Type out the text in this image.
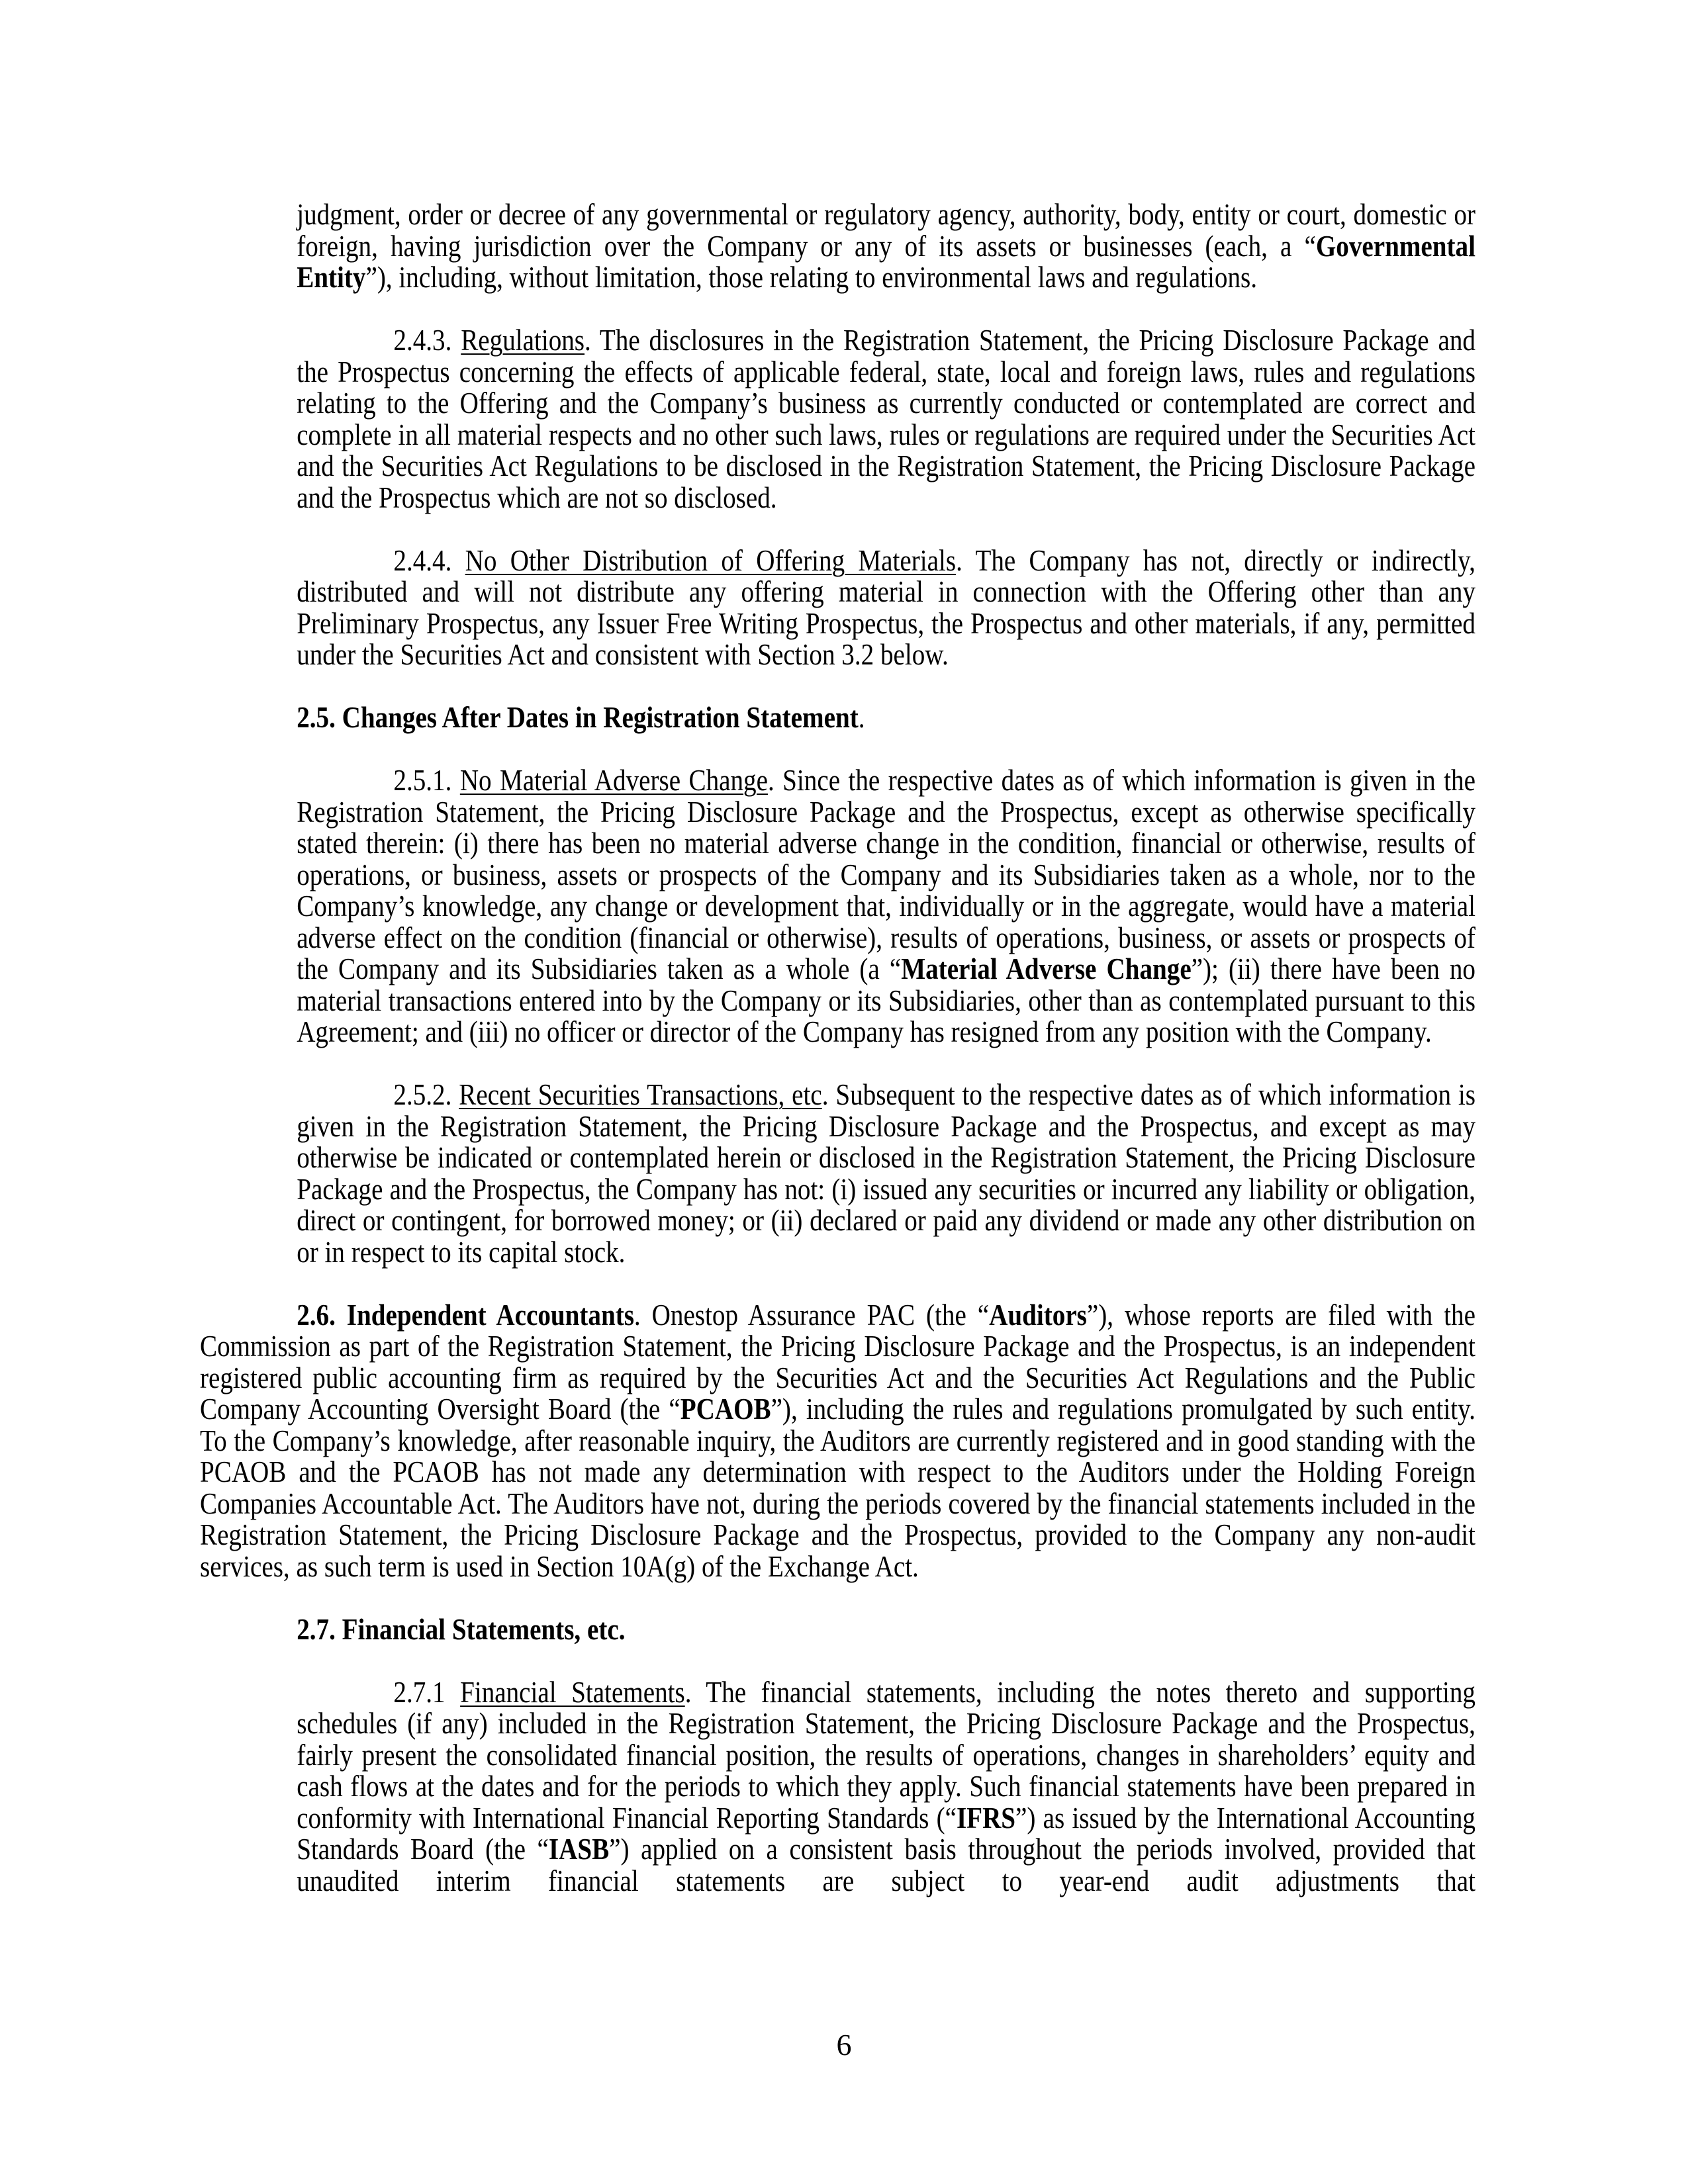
judgment, order or decree of any governmental or regulatory agency, authority, body, entity or court, domestic or foreign, having jurisdiction over the Company or any of its assets or businesses (each, a “Governmental Entity”), including, without limitation, those relating to environmental laws and regulations.

2.4.3. Regulations. The disclosures in the Registration Statement, the Pricing Disclosure Package and the Prospectus concerning the effects of applicable federal, state, local and foreign laws, rules and regulations relating to the Offering and the Company’s business as currently conducted or contemplated are correct and complete in all material respects and no other such laws, rules or regulations are required under the Securities Act and the Securities Act Regulations to be disclosed in the Registration Statement, the Pricing Disclosure Package and the Prospectus which are not so disclosed.

2.4.4. No Other Distribution of Offering Materials. The Company has not, directly or indirectly, distributed and will not distribute any offering material in connection with the Offering other than any Preliminary Prospectus, any Issuer Free Writing Prospectus, the Prospectus and other materials, if any, permitted under the Securities Act and consistent with Section 3.2 below.

2.5. Changes After Dates in Registration Statement.

2.5.1. No Material Adverse Change. Since the respective dates as of which information is given in the Registration Statement, the Pricing Disclosure Package and the Prospectus, except as otherwise specifically stated therein: (i) there has been no material adverse change in the condition, financial or otherwise, results of operations, or business, assets or prospects of the Company and its Subsidiaries taken as a whole, nor to the Company’s knowledge, any change or development that, individually or in the aggregate, would have a material adverse effect on the condition (financial or otherwise), results of operations, business, or assets or prospects of the Company and its Subsidiaries taken as a whole (a “Material Adverse Change”); (ii) there have been no material transactions entered into by the Company or its Subsidiaries, other than as contemplated pursuant to this Agreement; and (iii) no officer or director of the Company has resigned from any position with the Company.

2.5.2. Recent Securities Transactions, etc. Subsequent to the respective dates as of which information is given in the Registration Statement, the Pricing Disclosure Package and the Prospectus, and except as may otherwise be indicated or contemplated herein or disclosed in the Registration Statement, the Pricing Disclosure Package and the Prospectus, the Company has not: (i) issued any securities or incurred any liability or obligation, direct or contingent, for borrowed money; or (ii) declared or paid any dividend or made any other distribution on or in respect to its capital stock.

2.6. Independent Accountants. Onestop Assurance PAC (the “Auditors”), whose reports are filed with the Commission as part of the Registration Statement, the Pricing Disclosure Package and the Prospectus, is an independent registered public accounting firm as required by the Securities Act and the Securities Act Regulations and the Public Company Accounting Oversight Board (the “PCAOB”), including the rules and regulations promulgated by such entity. To the Company’s knowledge, after reasonable inquiry, the Auditors are currently registered and in good standing with the PCAOB and the PCAOB has not made any determination with respect to the Auditors under the Holding Foreign Companies Accountable Act. The Auditors have not, during the periods covered by the financial statements included in the Registration Statement, the Pricing Disclosure Package and the Prospectus, provided to the Company any non-audit services, as such term is used in Section 10A(g) of the Exchange Act.

2.7. Financial Statements, etc.

2.7.1 Financial Statements. The financial statements, including the notes thereto and supporting schedules (if any) included in the Registration Statement, the Pricing Disclosure Package and the Prospectus, fairly present the consolidated financial position, the results of operations, changes in shareholders’ equity and cash flows at the dates and for the periods to which they apply. Such financial statements have been prepared in conformity with International Financial Reporting Standards (“IFRS”) as issued by the International Accounting Standards Board (the “IASB”) applied on a consistent basis throughout the periods involved, provided that unaudited interim financial statements are subject to year-end audit adjustments that

6
